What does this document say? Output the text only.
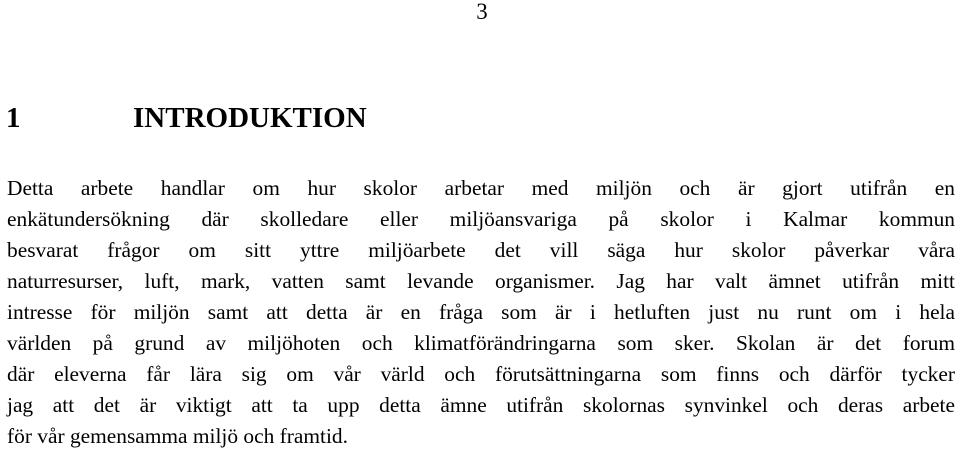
3
1	INTRODUKTION
Detta arbete handlar om hur skolor arbetar med miljön och är gjort utifrån en
enkätundersökning där skolledare eller miljöansvariga på skolor i Kalmar kommun
besvarat frågor om sitt yttre miljöarbete det vill säga hur skolor påverkar våra
naturresurser, luft, mark, vatten samt levande organismer. Jag har valt ämnet utifrån mitt
intresse för miljön samt att detta är en fråga som är i hetluften just nu runt om i hela
världen på grund av miljöhoten och klimatförändringarna som sker. Skolan är det forum
där eleverna får lära sig om vår värld och förutsättningarna som finns och därför tycker
jag att det är viktigt att ta upp detta ämne utifrån skolornas synvinkel och deras arbete
för vår gemensamma miljö och framtid.
